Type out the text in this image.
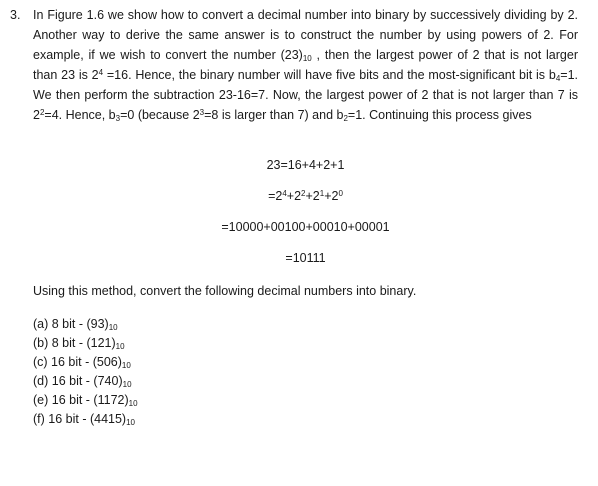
3. In Figure 1.6 we show how to convert a decimal number into binary by successively dividing by 2. Another way to derive the same answer is to construct the number by using powers of 2. For example, if we wish to convert the number $(23)_{10}$ , then the largest power of 2 that is not larger than 23 is $2^4 =16$. Hence, the binary number will have five bits and the most-significant bit is $b_4=1$. We then perform the subtraction 23-16=7. Now, the largest power of 2 that is not larger than 7 is $2^2=4$. Hence, $b_3=0$ (because $2^3=8$ is larger than 7) and $b_2=1$. Continuing this process gives

23=16+4+2+1
$=2^4+2^2+2^1+2^0$
=10000+00100+00010+00001
=10111

Using this method, convert the following decimal numbers into binary.

(a) 8 bit - $(93)_{10}$
(b) 8 bit - $(121)_{10}$
(c) 16 bit - $(506)_{10}$
(d) 16 bit - $(740)_{10}$
(e) 16 bit - $(1172)_{10}$
(f) 16 bit - $(4415)_{10}$
